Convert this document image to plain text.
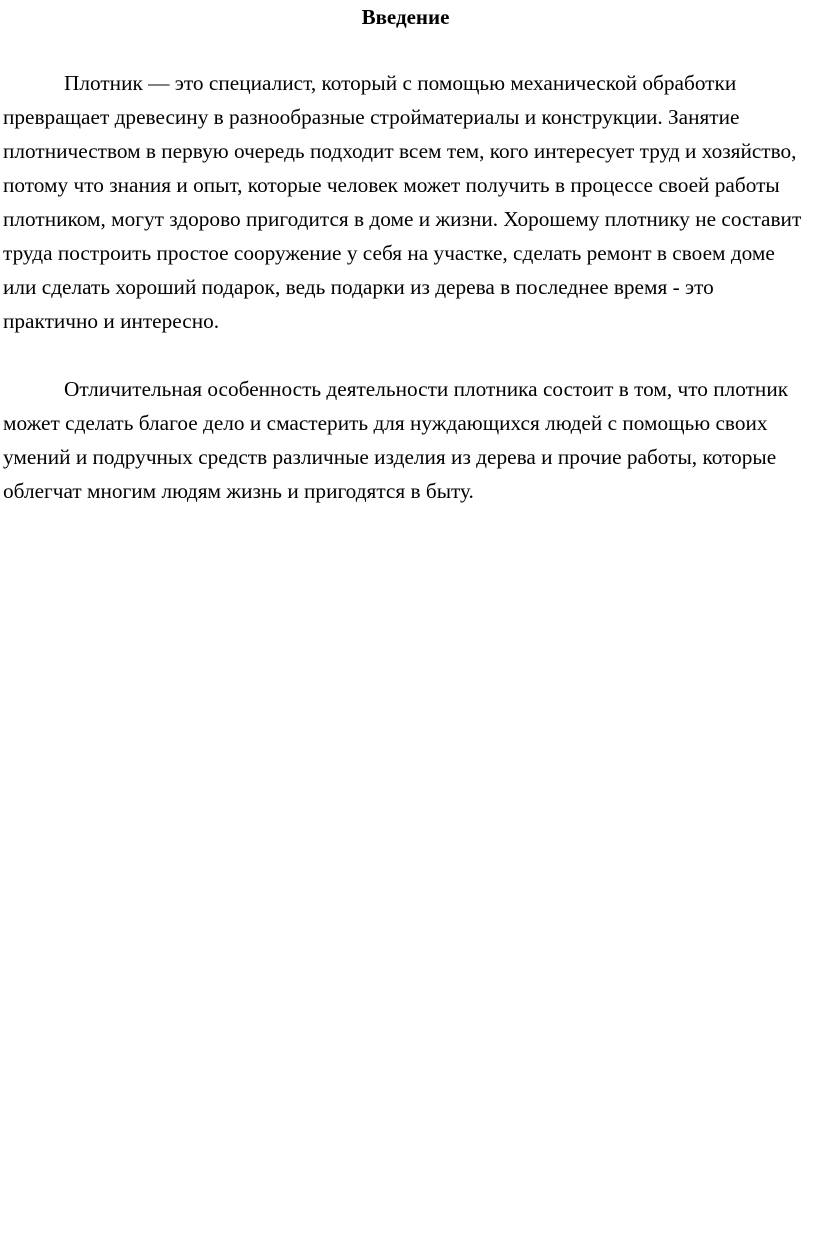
Введение

Плотник — это специалист, который с помощью механической обработки превращает древесину в разнообразные стройматериалы и конструкции. Занятие плотничеством в первую очередь подходит всем тем, кого интересует труд и хозяйство, потому что знания и опыт, которые человек может получить в процессе своей работы плотником, могут здорово пригодится в доме и жизни. Хорошему плотнику не составит труда построить простое сооружение у себя на участке, сделать ремонт в своем доме или сделать хороший подарок, ведь подарки из дерева в последнее время - это практично и интересно.

Отличительная особенность деятельности плотника состоит в том, что плотник может сделать благое дело и смастерить для нуждающихся людей с помощью своих умений и подручных средств различные изделия из дерева и прочие работы, которые облегчат многим людям жизнь и пригодятся в быту.
